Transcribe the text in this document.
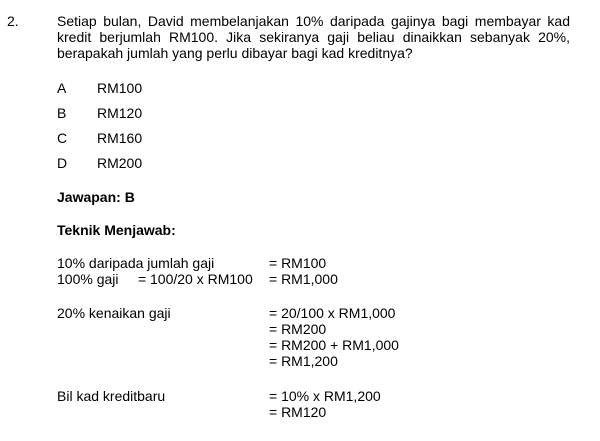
2.	Setiap bulan, David membelanjakan 10% daripada gajinya bagi membayar kad kredit berjumlah RM100. Jika sekiranya gaji beliau dinaikkan sebanyak 20%, berapakah jumlah yang perlu dibayar bagi kad kreditnya?
A RM100
B RM120
C RM160
D RM200
Jawapan: B
Teknik Menjawab:
10% daripada jumlah gaji	= RM100
100% gaji     = 100/20 x RM100 = RM1,000
20% kenaikan gaji	= 20/100 x RM1,000
= RM200
= RM200 + RM1,000
= RM1,200
Bil kad kreditbaru	= 10% x RM1,200
= RM120
